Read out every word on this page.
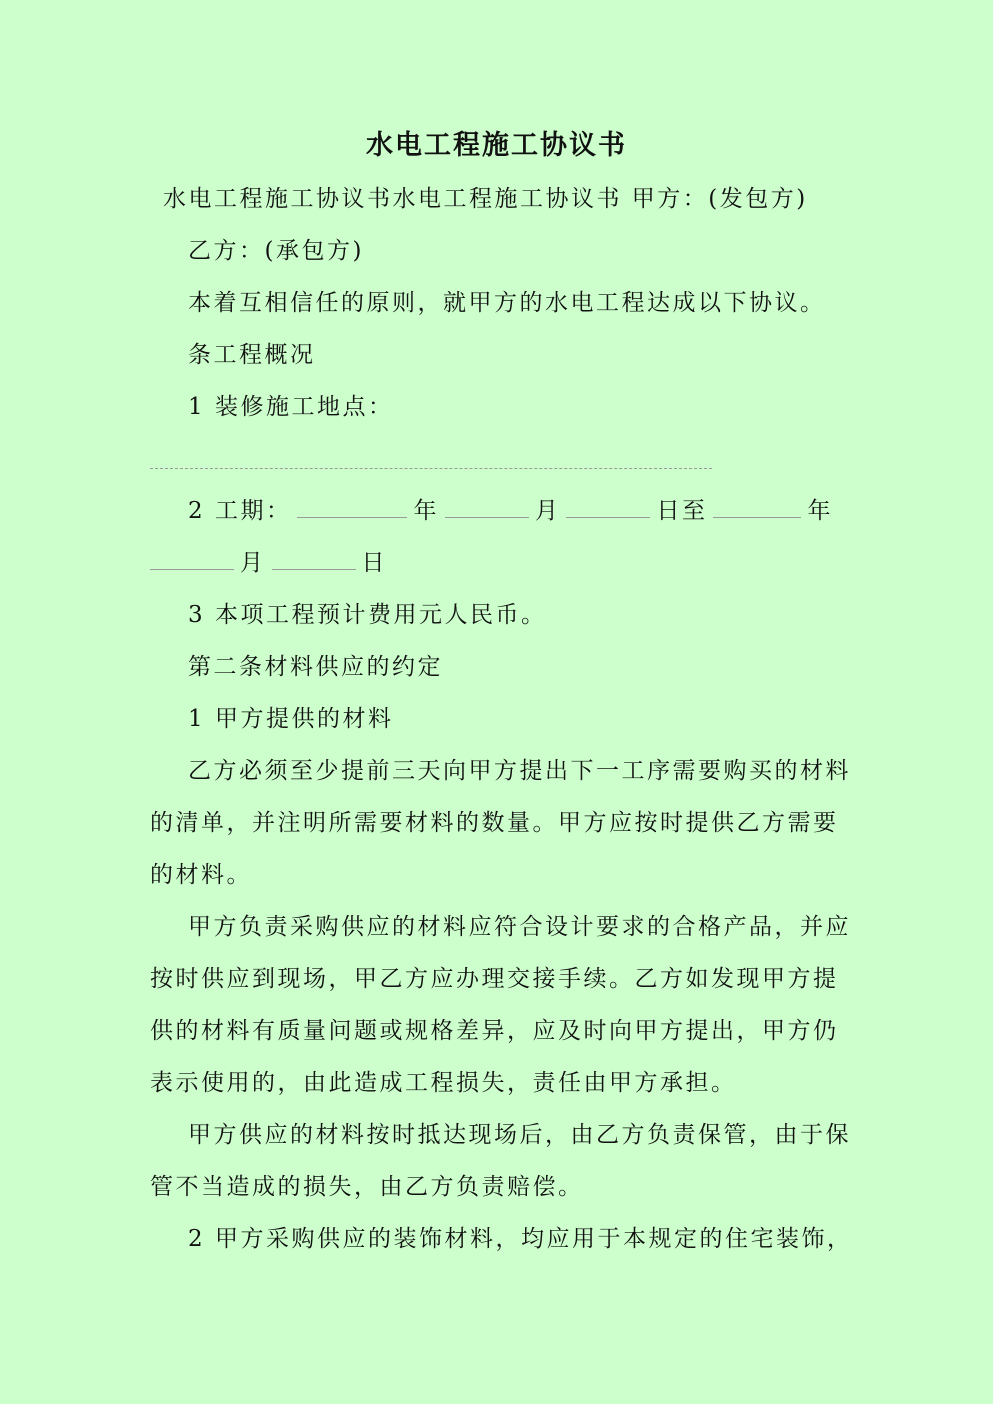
水电工程施工协议书
水电工程施工协议书水电工程施工协议书 甲方：(发包方)
乙方：(承包方)
本着互相信任的原则，就甲方的水电工程达成以下协议。
条工程概况
1 装修施工地点：
2 工期：	年	月	日至	年
月	日
3 本项工程预计费用元人民币。
第二条材料供应的约定
1 甲方提供的材料
乙方必须至少提前三天向甲方提出下一工序需要购买的材料
的清单，并注明所需要材料的数量。甲方应按时提供乙方需要
的材料。
甲方负责采购供应的材料应符合设计要求的合格产品，并应
按时供应到现场，甲乙方应办理交接手续。乙方如发现甲方提
供的材料有质量问题或规格差异，应及时向甲方提出，甲方仍
表示使用的，由此造成工程损失，责任由甲方承担。
甲方供应的材料按时抵达现场后，由乙方负责保管，由于保
管不当造成的损失，由乙方负责赔偿。
2 甲方采购供应的装饰材料，均应用于本规定的住宅装饰，
